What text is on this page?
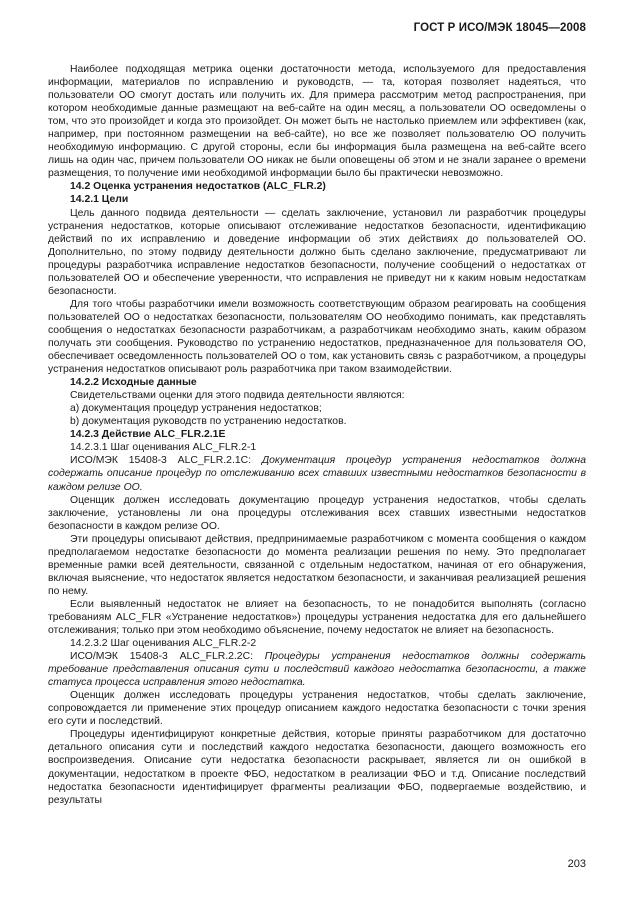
ГОСТ Р ИСО/МЭК 18045—2008

Наиболее подходящая метрика оценки достаточности метода, используемого для предоставления информации, материалов по исправлению и руководств, — та, которая позволяет надеяться, что пользователи ОО смогут достать или получить их. Для примера рассмотрим метод распространения, при котором необходимые данные размещают на веб-сайте на один месяц, а пользователи ОО осведомлены о том, что это произойдет и когда это произойдет. Он может быть не настолько приемлем или эффективен (как, например, при постоянном размещении на веб-сайте), но все же позволяет пользователю ОО получить необходимую информацию. С другой стороны, если бы информация была размещена на веб-сайте всего лишь на один час, причем пользователи ОО никак не были оповещены об этом и не знали заранее о времени размещения, то получение ими необходимой информации было бы практически невозможно.

14.2 Оценка устранения недостатков (ALC_FLR.2)

14.2.1 Цели

Цель данного подвида деятельности — сделать заключение, установил ли разработчик процедуры устранения недостатков, которые описывают отслеживание недостатков безопасности, идентификацию действий по их исправлению и доведение информации об этих действиях до пользователей ОО. Дополнительно, по этому подвиду деятельности должно быть сделано заключение, предусматривают ли процедуры разработчика исправление недостатков безопасности, получение сообщений о недостатках от пользователей ОО и обеспечение уверенности, что исправления не приведут ни к каким новым недостаткам безопасности.

Для того чтобы разработчики имели возможность соответствующим образом реагировать на сообщения пользователей ОО о недостатках безопасности, пользователям ОО необходимо понимать, как представлять сообщения о недостатках безопасности разработчикам, а разработчикам необходимо знать, каким образом получать эти сообщения. Руководство по устранению недостатков, предназначенное для пользователя ОО, обеспечивает осведомленность пользователей ОО о том, как установить связь с разработчиком, а процедуры устранения недостатков описывают роль разработчика при таком взаимодействии.

14.2.2 Исходные данные

Свидетельствами оценки для этого подвида деятельности являются:

a) документация процедур устранения недостатков;

b) документация руководств по устранению недостатков.

14.2.3 Действие ALC_FLR.2.1E

14.2.3.1 Шаг оценивания ALC_FLR.2-1

ИСО/МЭК 15408-3 ALC_FLR.2.1C: Документация процедур устранения недостатков должна содержать описание процедур по отслеживанию всех ставших известными недостатков безопасности в каждом релизе ОО.

Оценщик должен исследовать документацию процедур устранения недостатков, чтобы сделать заключение, установлены ли она процедуры отслеживания всех ставших известными недостатков безопасности в каждом релизе ОО.

Эти процедуры описывают действия, предпринимаемые разработчиком с момента сообщения о каждом предполагаемом недостатке безопасности до момента реализации решения по нему. Это предполагает временные рамки всей деятельности, связанной с отдельным недостатком, начиная от его обнаружения, включая выяснение, что недостаток является недостатком безопасности, и заканчивая реализацией решения по нему.

Если выявленный недостаток не влияет на безопасность, то не понадобится выполнять (согласно требованиям ALC_FLR «Устранение недостатков») процедуры устранения недостатка для его дальнейшего отслеживания; только при этом необходимо объяснение, почему недостаток не влияет на безопасность.

14.2.3.2 Шаг оценивания ALC_FLR.2-2

ИСО/МЭК 15408-3 ALC_FLR.2.2C: Процедуры устранения недостатков должны содержать требование представления описания сути и последствий каждого недостатка безопасности, а также статуса процесса исправления этого недостатка.

Оценщик должен исследовать процедуры устранения недостатков, чтобы сделать заключение, сопровождается ли применение этих процедур описанием каждого недостатка безопасности с точки зрения его сути и последствий.

Процедуры идентифицируют конкретные действия, которые приняты разработчиком для достаточно детального описания сути и последствий каждого недостатка безопасности, дающего возможность его воспроизведения. Описание сути недостатка безопасности раскрывает, является ли он ошибкой в документации, недостатком в проекте ФБО, недостатком в реализации ФБО и т.д. Описание последствий недостатка безопасности идентифицирует фрагменты реализации ФБО, подвергаемые воздействию, и результаты

203
